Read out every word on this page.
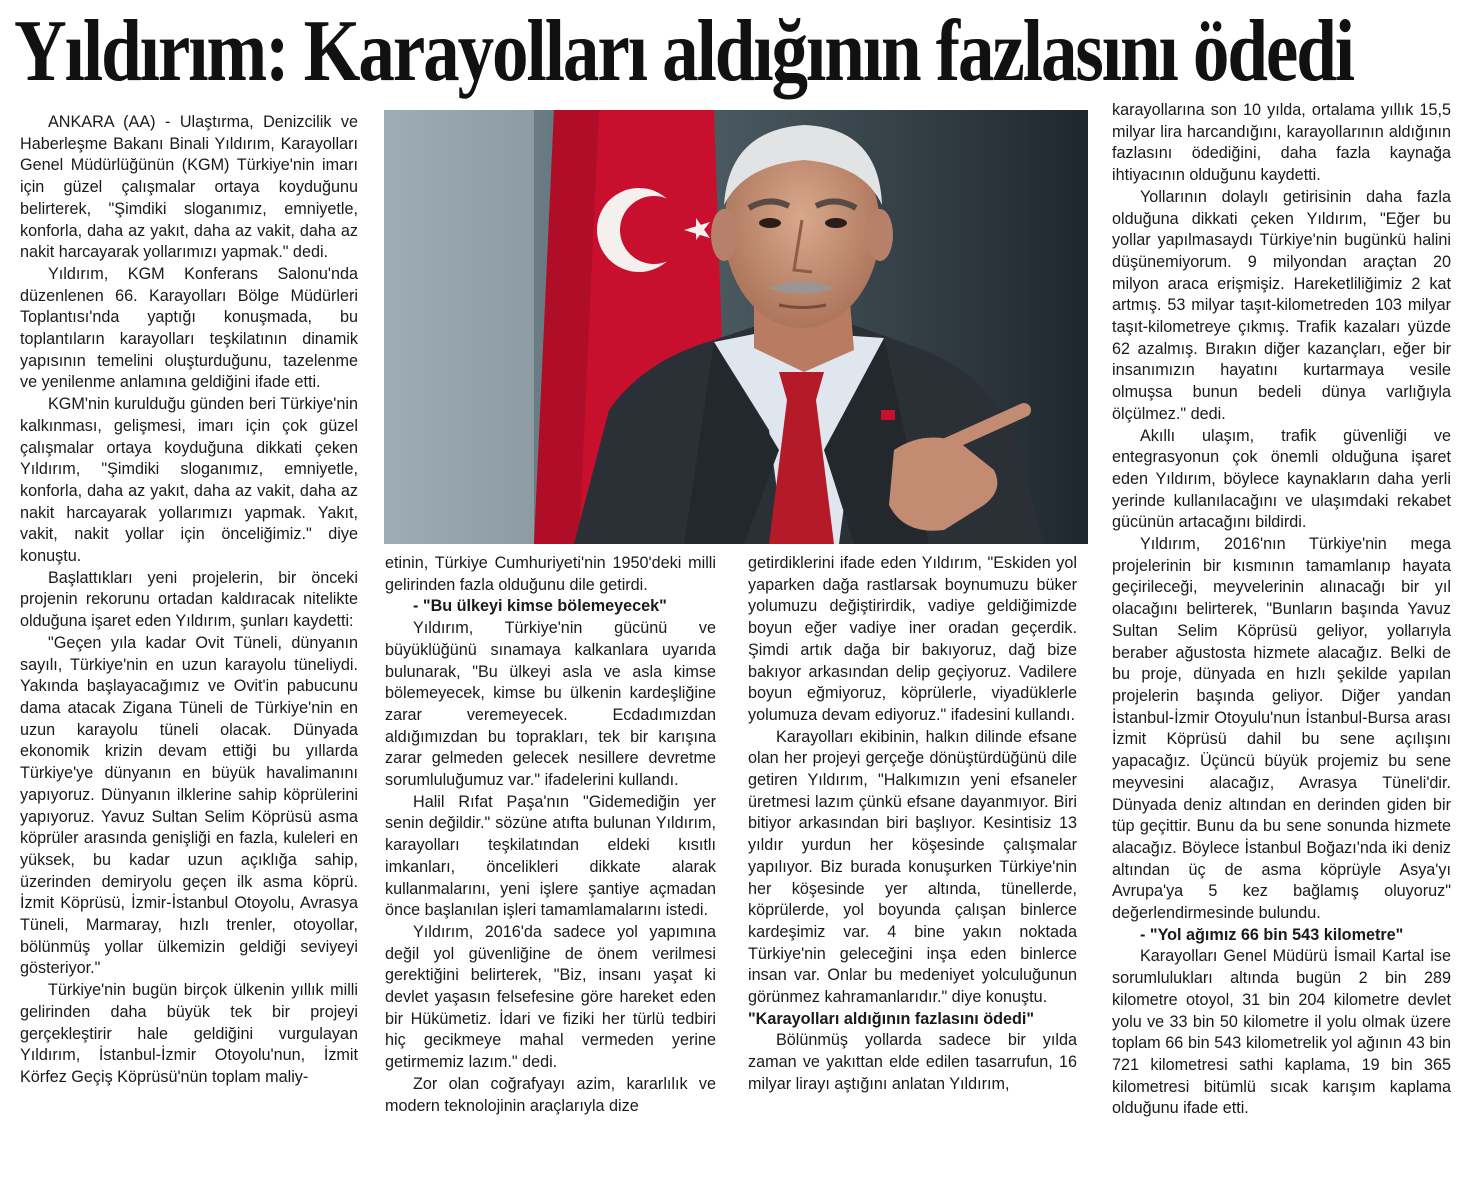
Yıldırım: Karayolları aldığının fazlasını ödedi

ANKARA (AA) - Ulaştırma, Denizcilik ve Haberleşme Bakanı Binali Yıldırım, Karayolları Genel Müdürlüğünün (KGM) Türkiye'nin imarı için güzel çalışmalar ortaya koyduğunu belirterek, "Şimdiki sloganımız, emniyetle, konforla, daha az yakıt, daha az vakit, daha az nakit harcayarak yollarımızı yapmak." dedi.

Yıldırım, KGM Konferans Salonu'nda düzenlenen 66. Karayolları Bölge Müdürleri Toplantısı'nda yaptığı konuşmada, bu toplantıların karayolları teşkilatının dinamik yapısının temelini oluşturduğunu, tazelenme ve yenilenme anlamına geldiğini ifade etti.

KGM'nin kurulduğu günden beri Türkiye'nin kalkınması, gelişmesi, imarı için çok güzel çalışmalar ortaya koyduğuna dikkati çeken Yıldırım, "Şimdiki sloganımız, emniyetle, konforla, daha az yakıt, daha az vakit, daha az nakit harcayarak yollarımızı yapmak. Yakıt, vakit, nakit yollar için önceliğimiz." diye konuştu.

Başlattıkları yeni projelerin, bir önceki projenin rekorunu ortadan kaldıracak nitelikte olduğuna işaret eden Yıldırım, şunları kaydetti:

"Geçen yıla kadar Ovit Tüneli, dünyanın sayılı, Türkiye'nin en uzun karayolu tüneliydi. Yakında başlayacağımız ve Ovit'in pabucunu dama atacak Zigana Tüneli de Türkiye'nin en uzun karayolu tüneli olacak. Dünyada ekonomik krizin devam ettiği bu yıllarda Türkiye'ye dünyanın en büyük havalimanını yapıyoruz. Dünyanın ilklerine sahip köprülerini yapıyoruz. Yavuz Sultan Selim Köprüsü asma köprüler arasında genişliği en fazla, kuleleri en yüksek, bu kadar uzun açıklığa sahip, üzerinden demiryolu geçen ilk asma köprü. İzmit Köprüsü, İzmir-İstanbul Otoyolu, Avrasya Tüneli, Marmaray, hızlı trenler, otoyollar, bölünmüş yollar ülkemizin geldiği seviyeyi gösteriyor."

Türkiye'nin bugün birçok ülkenin yıllık milli gelirinden daha büyük tek bir projeyi gerçekleştirir hale geldiğini vurgulayan Yıldırım, İstanbul-İzmir Otoyolu'nun, İzmit Körfez Geçiş Köprüsü'nün toplam maliy-

etinin, Türkiye Cumhuriyeti'nin 1950'deki milli gelirinden fazla olduğunu dile getirdi.

- "Bu ülkeyi kimse bölemeyecek"

Yıldırım, Türkiye'nin gücünü ve büyüklüğünü sınamaya kalkanlara uyarıda bulunarak, "Bu ülkeyi asla ve asla kimse bölemeyecek, kimse bu ülkenin kardeşliğine zarar veremeyecek. Ecdadımızdan aldığımızdan bu toprakları, tek bir karışına zarar gelmeden gelecek nesillere devretme sorumluluğumuz var." ifadelerini kullandı.

Halil Rıfat Paşa'nın "Gidemediğin yer senin değildir." sözüne atıfta bulunan Yıldırım, karayolları teşkilatından eldeki kısıtlı imkanları, öncelikleri dikkate alarak kullanmalarını, yeni işlere şantiye açmadan önce başlanılan işleri tamamlamalarını istedi.

Yıldırım, 2016'da sadece yol yapımına değil yol güvenliğine de önem verilmesi gerektiğini belirterek, "Biz, insanı yaşat ki devlet yaşasın felsefesine göre hareket eden bir Hükümetiz. İdari ve fiziki her türlü tedbiri hiç gecikmeye mahal vermeden yerine getirmemiz lazım." dedi.

Zor olan coğrafyayı azim, kararlılık ve modern teknolojinin araçlarıyla dize

getirdiklerini ifade eden Yıldırım, "Eskiden yol yaparken dağa rastlarsak boynumuzu büker yolumuzu değiştirirdik, vadiye geldiğimizde boyun eğer vadiye iner oradan geçerdik. Şimdi artık dağa bir bakıyoruz, dağ bize bakıyor arkasından delip geçiyoruz. Vadilere boyun eğmiyoruz, köprülerle, viyadüklerle yolumuza devam ediyoruz." ifadesini kullandı.

Karayolları ekibinin, halkın dilinde efsane olan her projeyi gerçeğe dönüştürdüğünü dile getiren Yıldırım, "Halkımızın yeni efsaneler üretmesi lazım çünkü efsane dayanmıyor. Biri bitiyor arkasından biri başlıyor. Kesintisiz 13 yıldır yurdun her köşesinde çalışmalar yapılıyor. Biz burada konuşurken Türkiye'nin her köşesinde yer altında, tünellerde, köprülerde, yol boyunda çalışan binlerce kardeşimiz var. 4 bine yakın noktada Türkiye'nin geleceğini inşa eden binlerce insan var. Onlar bu medeniyet yolculuğunun görünmez kahramanlarıdır." diye konuştu.

"Karayolları aldığının fazlasını ödedi"

Bölünmüş yollarda sadece bir yılda zaman ve yakıttan elde edilen tasarrufun, 16 milyar lirayı aştığını anlatan Yıldırım,

karayollarına son 10 yılda, ortalama yıllık 15,5 milyar lira harcandığını, karayollarının aldığının fazlasını ödediğini, daha fazla kaynağa ihtiyacının olduğunu kaydetti.

Yollarının dolaylı getirisinin daha fazla olduğuna dikkati çeken Yıldırım, "Eğer bu yollar yapılmasaydı Türkiye'nin bugünkü halini düşünemiyorum. 9 milyondan araçtan 20 milyon araca erişmişiz. Hareketliliğimiz 2 kat artmış. 53 milyar taşıt-kilometreden 103 milyar taşıt-kilometreye çıkmış. Trafik kazaları yüzde 62 azalmış. Bırakın diğer kazançları, eğer bir insanımızın hayatını kurtarmaya vesile olmuşsa bunun bedeli dünya varlığıyla ölçülmez." dedi.

Akıllı ulaşım, trafik güvenliği ve entegrasyonun çok önemli olduğuna işaret eden Yıldırım, böylece kaynakların daha yerli yerinde kullanılacağını ve ulaşımdaki rekabet gücünün artacağını bildirdi.

Yıldırım, 2016'nın Türkiye'nin mega projelerinin bir kısmının tamamlanıp hayata geçirileceği, meyvelerinin alınacağı bir yıl olacağını belirterek, "Bunların başında Yavuz Sultan Selim Köprüsü geliyor, yollarıyla beraber ağustosta hizmete alacağız. Belki de bu proje, dünyada en hızlı şekilde yapılan projelerin başında geliyor. Diğer yandan İstanbul-İzmir Otoyulu'nun İstanbul-Bursa arası İzmit Köprüsü dahil bu sene açılışını yapacağız. Üçüncü büyük projemiz bu sene meyvesini alacağız, Avrasya Tüneli'dir. Dünyada deniz altından en derinden giden bir tüp geçittir. Bunu da bu sene sonunda hizmete alacağız. Böylece İstanbul Boğazı'nda iki deniz altından üç de asma köprüyle Asya'yı Avrupa'ya 5 kez bağlamış oluyoruz" değerlendirmesinde bulundu.

- "Yol ağımız 66 bin 543 kilometre"

Karayolları Genel Müdürü İsmail Kartal ise sorumlulukları altında bugün 2 bin 289 kilometre otoyol, 31 bin 204 kilometre devlet yolu ve 33 bin 50 kilometre il yolu olmak üzere toplam 66 bin 543 kilometrelik yol ağının 43 bin 721 kilometresi sathi kaplama, 19 bin 365 kilometresi bitümlü sıcak karışım kaplama olduğunu ifade etti.
